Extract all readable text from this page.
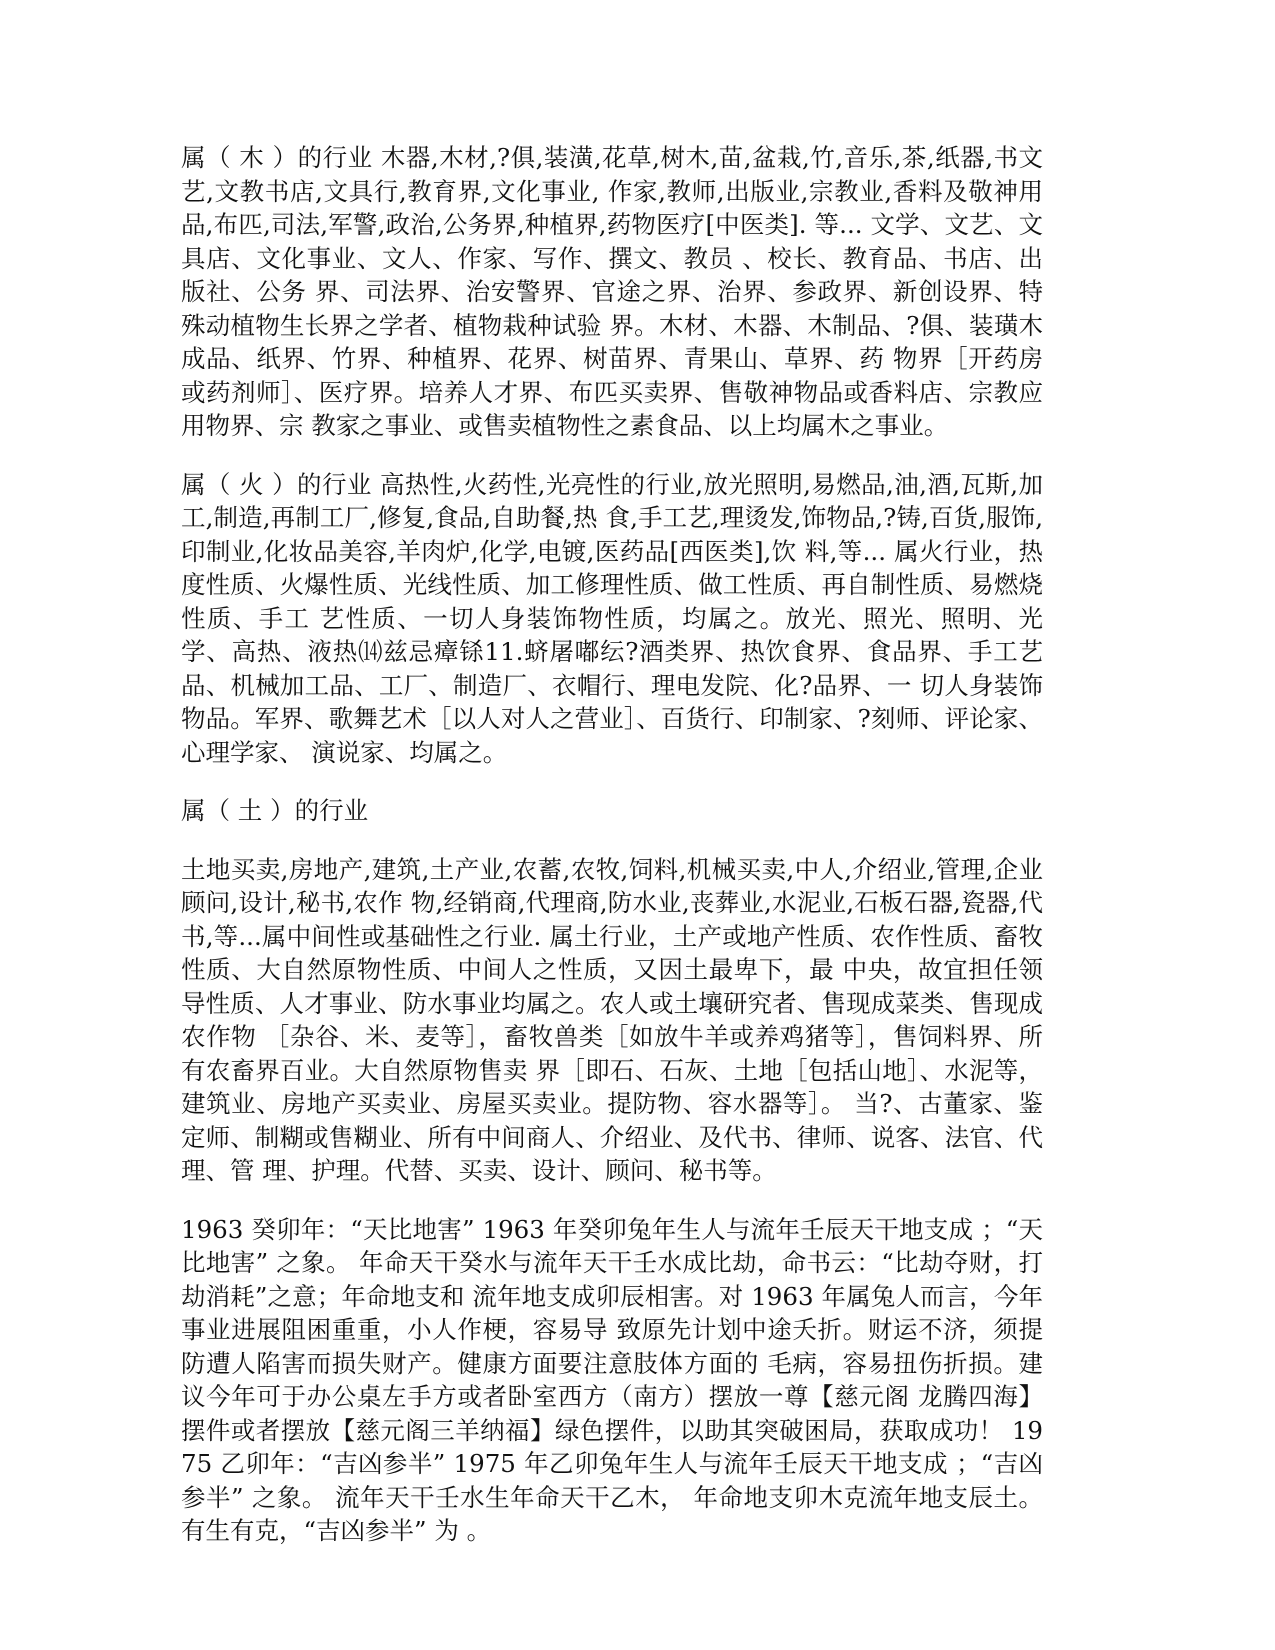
属（ 木 ）的行业 木器,木材,?俱,装潢,花草,树木,苗,盆栽,竹,音乐,茶,纸器,书文艺,文教书店,文具行,教育界,文化事业, 作家,教师,出版业,宗教业,香料及敬神用品,布匹,司法,军警,政治,公务界,种植界,药物医疗[中医类]. 等... 文学、文艺、文具店、文化事业、文人、作家、写作、撰文、教员 、校长、教育品、书店、出版社、公务 界、司法界、治安警界、官途之界、治界、参政界、新创设界、特殊动植物生长界之学者、植物栽种试验 界。木材、木器、木制品、?俱、装璜木成品、纸界、竹界、种植界、花界、树苗界、青果山、草界、药 物界［开药房或药剂师］、医疗界。培养人才界、布匹买卖界、售敬神物品或香料店、宗教应用物界、宗 教家之事业、或售卖植物性之素食品、以上均属木之事业。

属（ 火 ）的行业 高热性,火药性,光亮性的行业,放光照明,易燃品,油,酒,瓦斯,加工,制造,再制工厂,修复,食品,自助餐,热 食,手工艺,理烫发,饰物品,?铸,百货,服饰,印制业,化妆品美容,羊肉炉,化学,电镀,医药品[西医类],饮 料,等... 属火行业，热度性质、火爆性质、光线性质、加工修理性质、做工性质、再自制性质、易燃烧性质、手工 艺性质、一切人身装饰物性质，均属之。放光、照光、照明、光学、高热、液热⒁兹忌瘴铩11.蛴屠嘟纭?酒类界、热饮食界、食品界、手工艺品、机械加工品、工厂、制造厂、衣帽行、理电发院、化?品界、一 切人身装饰物品。军界、歌舞艺术［以人对人之营业］、百货行、印制家、?刻师、评论家、心理学家、 演说家、均属之。

属（ 土 ）的行业

土地买卖,房地产,建筑,土产业,农蓄,农牧,饲料,机械买卖,中人,介绍业,管理,企业顾问,设计,秘书,农作 物,经销商,代理商,防水业,丧葬业,水泥业,石板石器,瓷器,代书,等...属中间性或基础性之行业. 属土行业，土产或地产性质、农作性质、畜牧性质、大自然原物性质、中间人之性质，又因土最卑下，最 中央，故宜担任领导性质、人才事业、防水事业均属之。农人或土壤研究者、售现成菜类、售现成农作物 ［杂谷、米、麦等］，畜牧兽类［如放牛羊或养鸡猪等］，售饲料界、所有农畜界百业。大自然原物售卖 界［即石、石灰、土地［包括山地］、水泥等，建筑业、房地产买卖业、房屋买卖业。提防物、容水器等］。 当?、古董家、鉴定师、制糊或售糊业、所有中间商人、介绍业、及代书、律师、说客、法官、代理、管 理、护理。代替、买卖、设计、顾问、秘书等。

1963 癸卯年：“天比地害” 1963 年癸卯兔年生人与流年壬辰天干地支成 ；“天比地害” 之象。 年命天干癸水与流年天干壬水成比劫，命书云：“比劫夺财，打劫消耗”之意；年命地支和 流年地支成卯辰相害。对 1963 年属兔人而言，今年事业进展阻困重重，小人作梗，容易导 致原先计划中途夭折。财运不济，须提防遭人陷害而损失财产。健康方面要注意肢体方面的 毛病，容易扭伤折损。建议今年可于办公桌左手方或者卧室西方（南方）摆放一尊【慈元阁 龙腾四海】摆件或者摆放【慈元阁三羊纳福】绿色摆件，以助其突破困局，获取成功！ 1975 乙卯年：“吉凶参半” 1975 年乙卯兔年生人与流年壬辰天干地支成 ；“吉凶参半” 之象。 流年天干壬水生年命天干乙木， 年命地支卯木克流年地支辰土。 有生有克，“吉凶参半” 为 。
